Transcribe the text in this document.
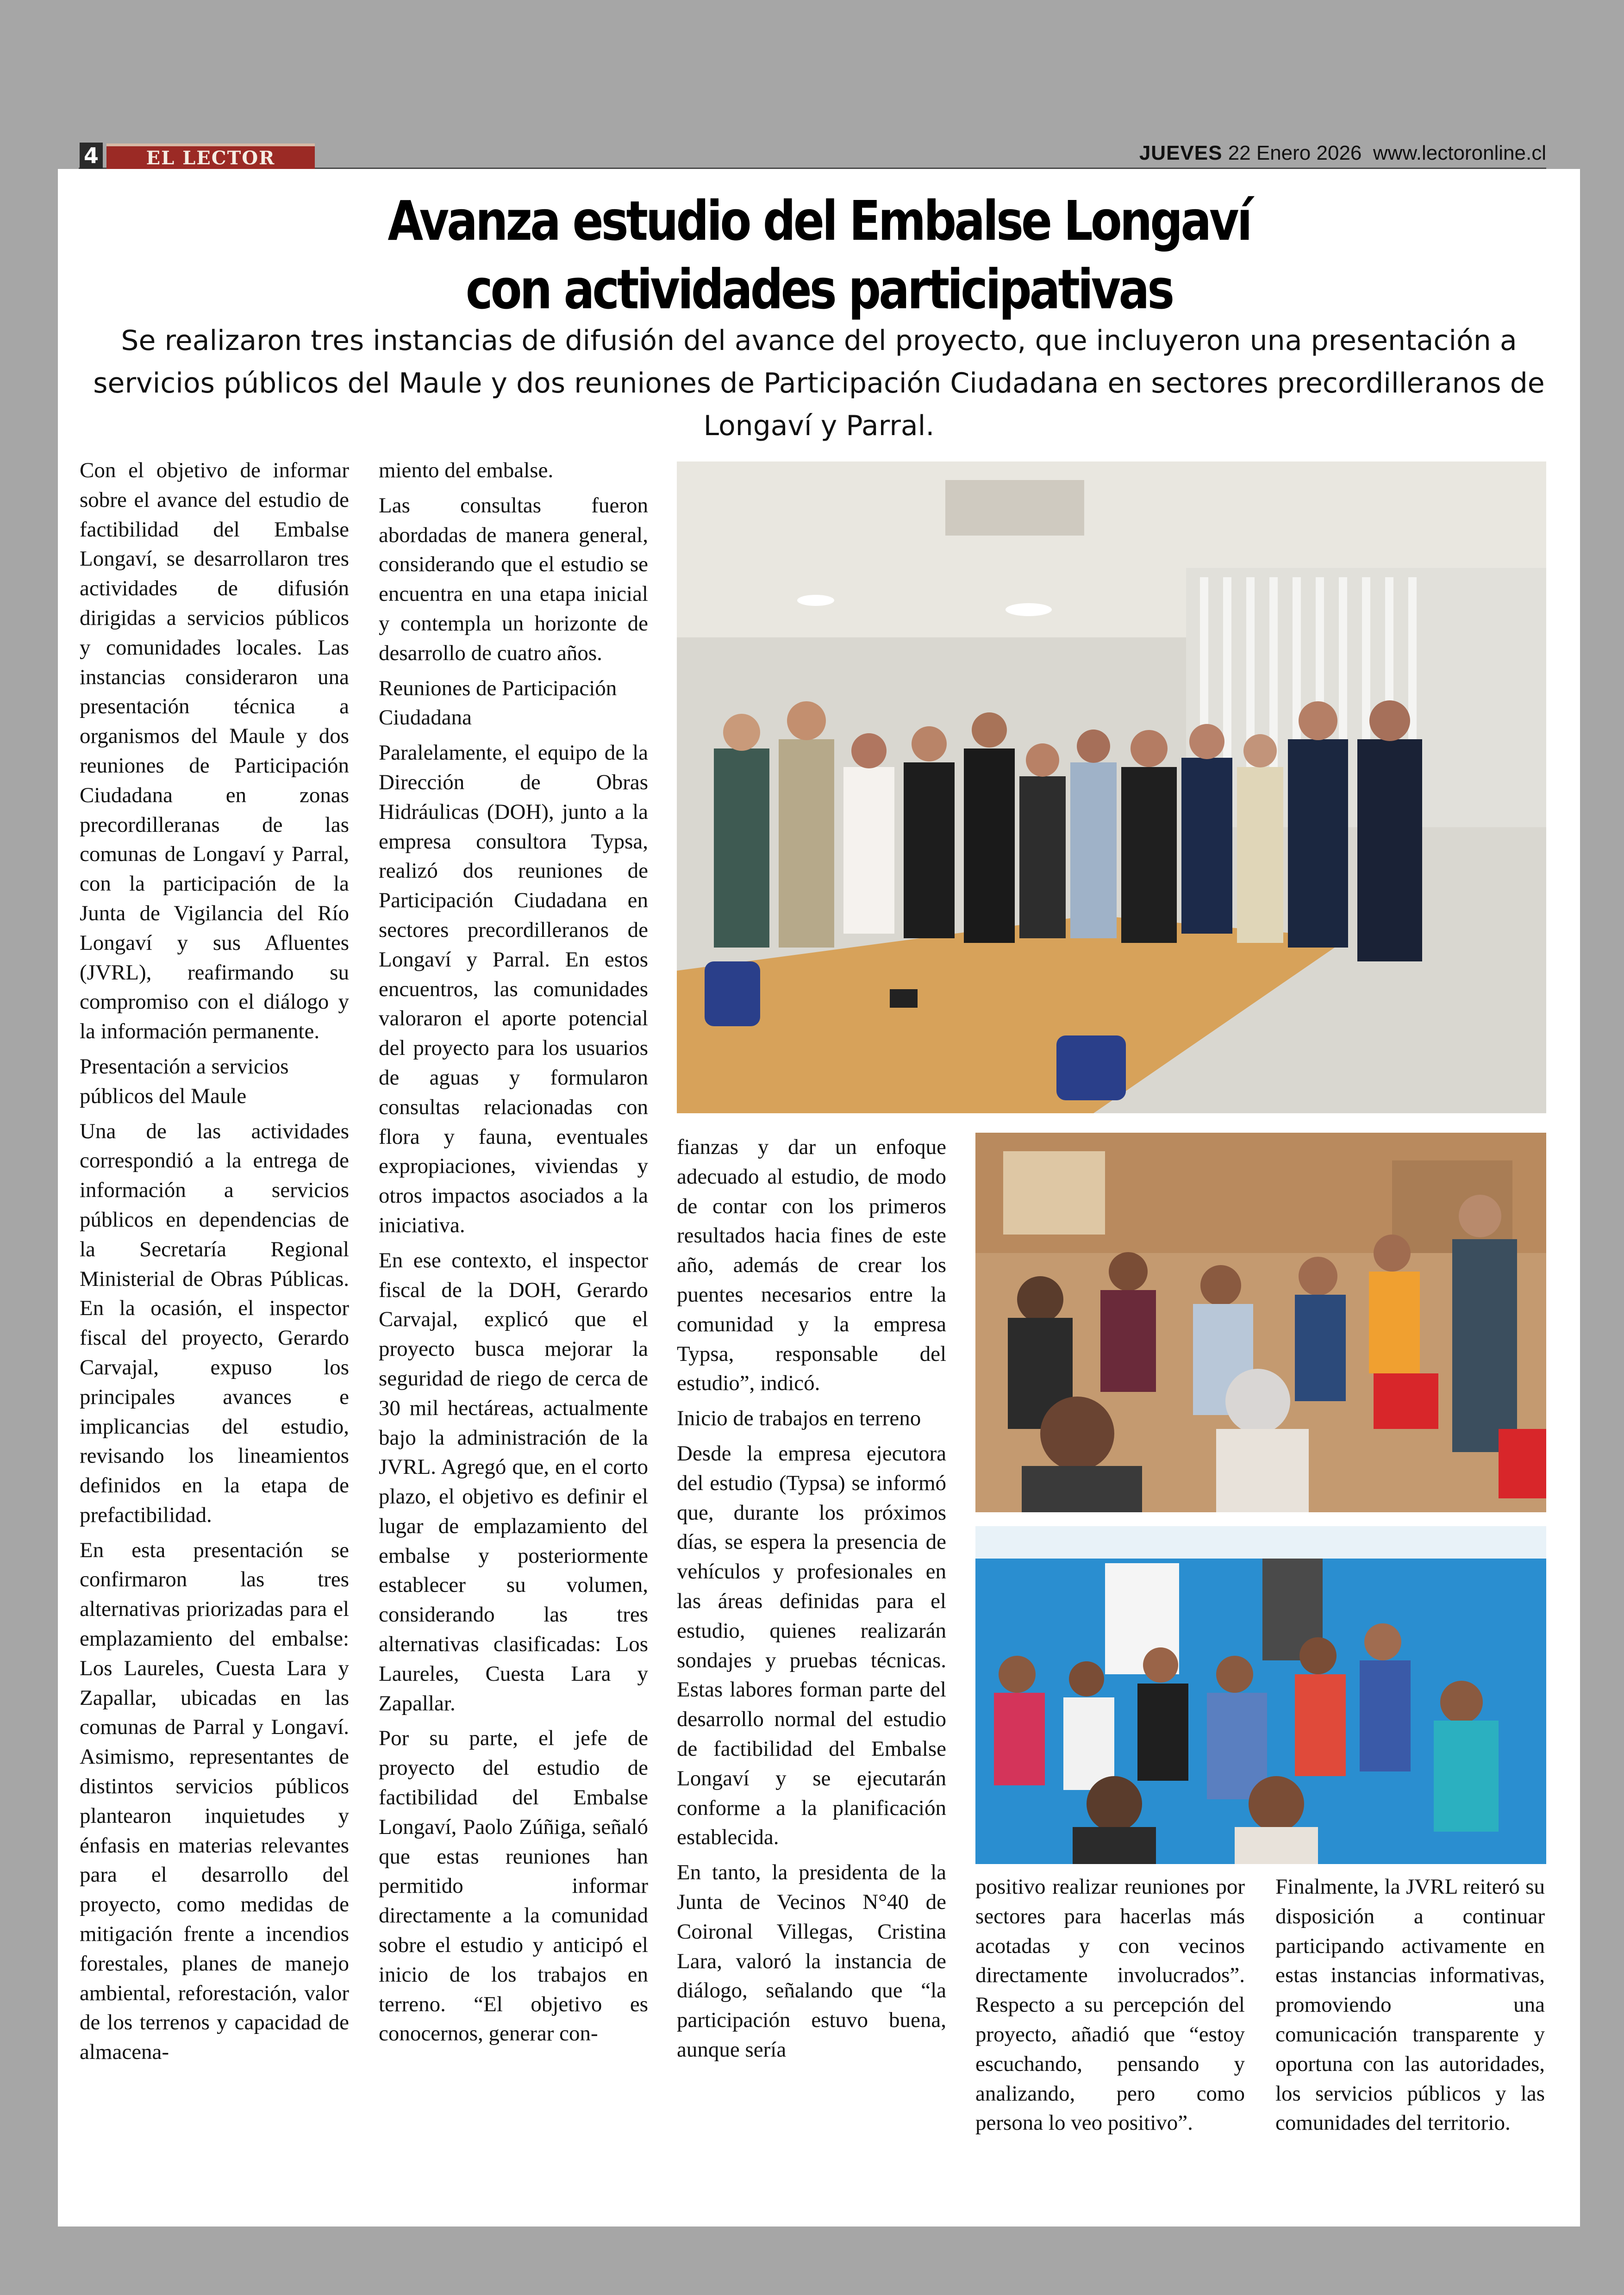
4	EL LECTOR	JUEVES 22 Enero 2026 www.lectoronline.cl
Avanza estudio del Embalse Longaví
con actividades participativas
Se realizaron tres instancias de difusión del avance del proyecto, que incluyeron una presentación a servicios públicos del Maule y dos reuniones de Participación Ciudadana en sectores precordilleranos de Longaví y Parral.

Con el objetivo de informar sobre el avance del estudio de factibilidad del Embalse Longaví, se desarrollaron tres actividades de difusión dirigidas a servicios públicos y comunidades locales. Las instancias consideraron una presentación técnica a organismos del Maule y dos reuniones de Participación Ciudadana en zonas precordilleranas de las comunas de Longaví y Parral, con la participación de la Junta de Vigilancia del Río Longaví y sus Afluentes (JVRL), reafirmando su compromiso con el diálogo y la información permanente.

Presentación a servicios públicos del Maule

Una de las actividades correspondió a la entrega de información a servicios públicos en dependencias de la Secretaría Regional Ministerial de Obras Públicas. En la ocasión, el inspector fiscal del proyecto, Gerardo Carvajal, expuso los principales avances e implicancias del estudio, revisando los lineamientos definidos en la etapa de prefactibilidad.

En esta presentación se confirmaron las tres alternativas priorizadas para el emplazamiento del embalse: Los Laureles, Cuesta Lara y Zapallar, ubicadas en las comunas de Parral y Longaví. Asimismo, representantes de distintos servicios públicos plantearon inquietudes y énfasis en materias relevantes para el desarrollo del proyecto, como medidas de mitigación frente a incendios forestales, planes de manejo ambiental, reforestación, valor de los terrenos y capacidad de almacena-

miento del embalse.

Las consultas fueron abordadas de manera general, considerando que el estudio se encuentra en una etapa inicial y contempla un horizonte de desarrollo de cuatro años.

Reuniones de Participación Ciudadana

Paralelamente, el equipo de la Dirección de Obras Hidráulicas (DOH), junto a la empresa consultora Typsa, realizó dos reuniones de Participación Ciudadana en sectores precordilleranos de Longaví y Parral. En estos encuentros, las comunidades valoraron el aporte potencial del proyecto para los usuarios de aguas y formularon consultas relacionadas con flora y fauna, eventuales expropiaciones, viviendas y otros impactos asociados a la iniciativa.

En ese contexto, el inspector fiscal de la DOH, Gerardo Carvajal, explicó que el proyecto busca mejorar la seguridad de riego de cerca de 30 mil hectáreas, actualmente bajo la administración de la JVRL. Agregó que, en el corto plazo, el objetivo es definir el lugar de emplazamiento del embalse y posteriormente establecer su volumen, considerando las tres alternativas clasificadas: Los Laureles, Cuesta Lara y Zapallar.

Por su parte, el jefe de proyecto del estudio de factibilidad del Embalse Longaví, Paolo Zúñiga, señaló que estas reuniones han permitido informar directamente a la comunidad sobre el estudio y anticipó el inicio de los trabajos en terreno. “El objetivo es conocernos, generar con-

fianzas y dar un enfoque adecuado al estudio, de modo de contar con los primeros resultados hacia fines de este año, además de crear los puentes necesarios entre la comunidad y la empresa Typsa, responsable del estudio”, indicó.

Inicio de trabajos en terreno

Desde la empresa ejecutora del estudio (Typsa) se informó que, durante los próximos días, se espera la presencia de vehículos y profesionales en las áreas definidas para el estudio, quienes realizarán sondajes y pruebas técnicas. Estas labores forman parte del desarrollo normal del estudio de factibilidad del Embalse Longaví y se ejecutarán conforme a la planificación establecida.

En tanto, la presidenta de la Junta de Vecinos N°40 de Coironal Villegas, Cristina Lara, valoró la instancia de diálogo, señalando que “la participación estuvo buena, aunque sería

positivo realizar reuniones por sectores para hacerlas más acotadas y con vecinos directamente involucrados”. Respecto a su percepción del proyecto, añadió que “estoy escuchando, pensando y analizando, pero como persona lo veo positivo”.

Finalmente, la JVRL reiteró su disposición a continuar participando activamente en estas instancias informativas, promoviendo una comunicación transparente y oportuna con las autoridades, los servicios públicos y las comunidades del territorio.
